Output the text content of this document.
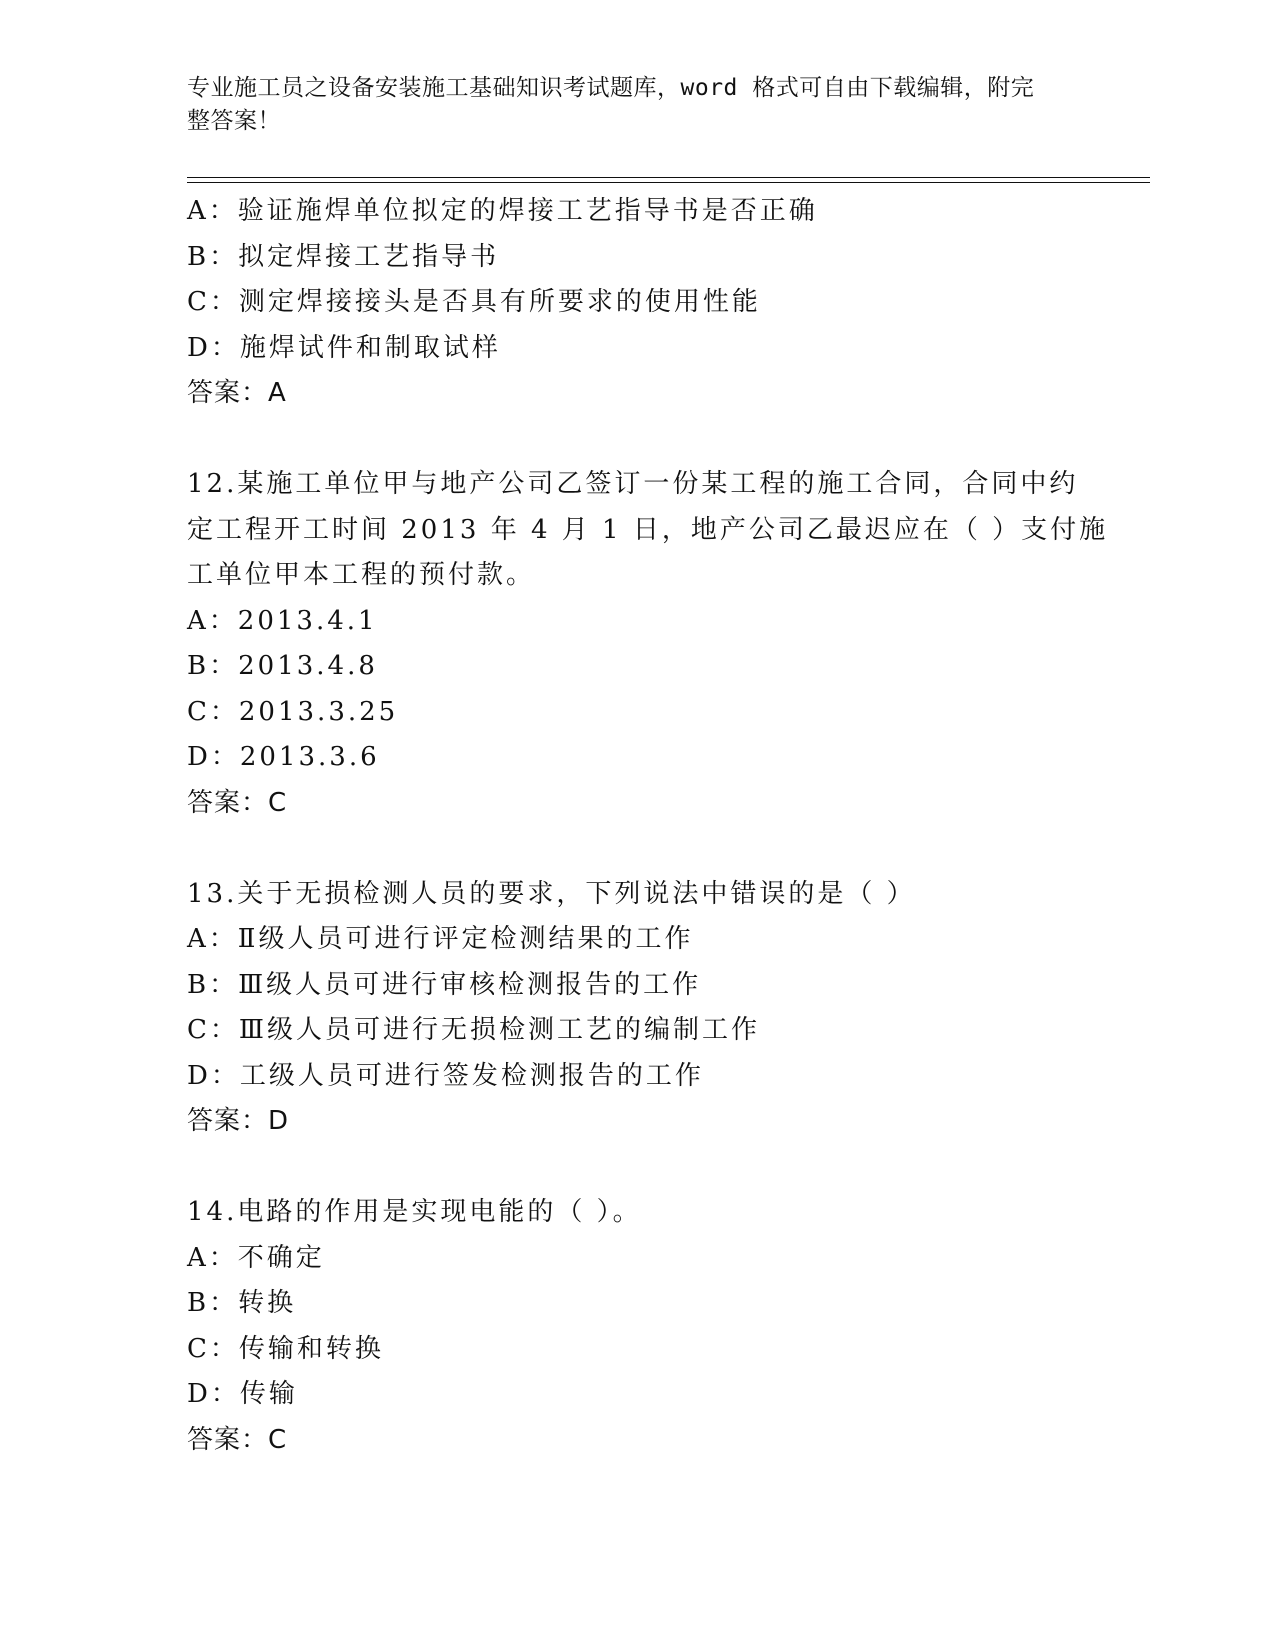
专业施工员之设备安装施工基础知识考试题库，word 格式可自由下载编辑，附完
整答案！
A：验证施焊单位拟定的焊接工艺指导书是否正确
B：拟定焊接工艺指导书
C：测定焊接接头是否具有所要求的使用性能
D：施焊试件和制取试样
答案：A
12.某施工单位甲与地产公司乙签订一份某工程的施工合同，合同中约
定工程开工时间 2013 年 4 月 1 日，地产公司乙最迟应在（ ）支付施
工单位甲本工程的预付款。
A：2013.4.1
B：2013.4.8
C：2013.3.25
D：2013.3.6
答案：C
13.关于无损检测人员的要求，下列说法中错误的是（ ）
A：Ⅱ级人员可进行评定检测结果的工作
B：Ⅲ级人员可进行审核检测报告的工作
C：Ⅲ级人员可进行无损检测工艺的编制工作
D：工级人员可进行签发检测报告的工作
答案：D
14.电路的作用是实现电能的（ ）。
A：不确定
B：转换
C：传输和转换
D：传输
答案：C
